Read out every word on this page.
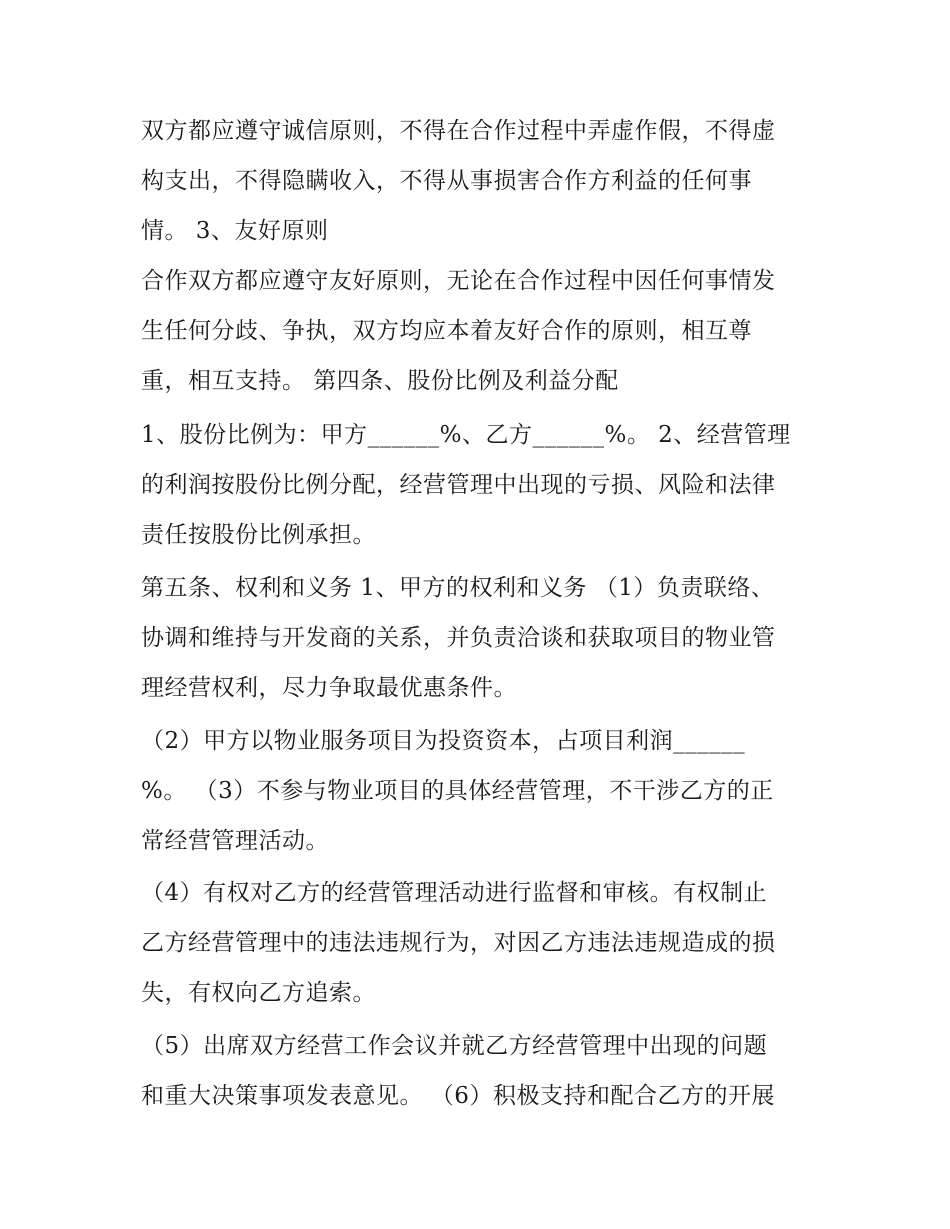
双方都应遵守诚信原则，不得在合作过程中弄虚作假，不得虚
构支出，不得隐瞒收入，不得从事损害合作方利益的任何事
情。 3、友好原则
合作双方都应遵守友好原则，无论在合作过程中因任何事情发
生任何分歧、争执，双方均应本着友好合作的原则，相互尊
重，相互支持。 第四条、股份比例及利益分配
1、股份比例为：甲方______%、乙方______%。 2、经营管理
的利润按股份比例分配，经营管理中出现的亏损、风险和法律
责任按股份比例承担。
第五条、权利和义务 1、甲方的权利和义务 （1）负责联络、
协调和维持与开发商的关系，并负责洽谈和获取项目的物业管
理经营权利，尽力争取最优惠条件。
（2）甲方以物业服务项目为投资资本，占项目利润______
%。 （3）不参与物业项目的具体经营管理，不干涉乙方的正
常经营管理活动。
（4）有权对乙方的经营管理活动进行监督和审核。有权制止
乙方经营管理中的违法违规行为，对因乙方违法违规造成的损
失，有权向乙方追索。
（5）出席双方经营工作会议并就乙方经营管理中出现的问题
和重大决策事项发表意见。 （6）积极支持和配合乙方的开展
